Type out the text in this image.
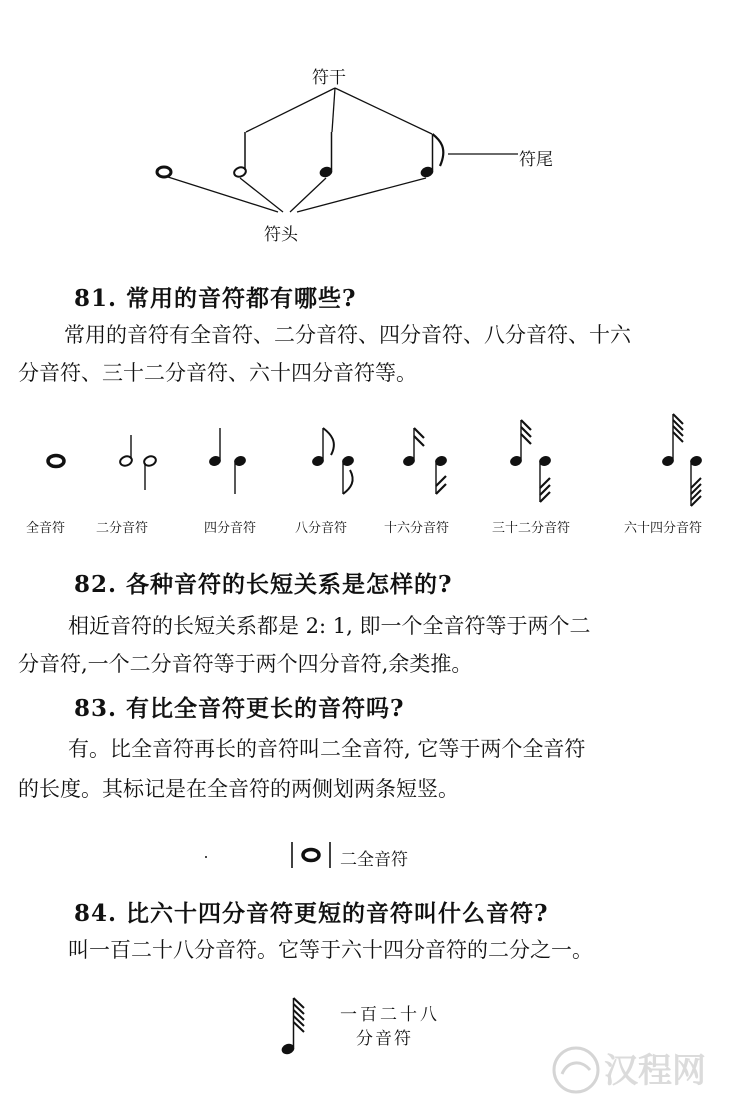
符干
符尾
符头
81. 常用的音符都有哪些?
常用的音符有全音符、二分音符、四分音符、八分音符、十六
分音符、三十二分音符、六十四分音符等。
全音符 二分音符	四分音符	八分音符	十六分音符	三十二分音符	六十四分音符
82. 各种音符的长短关系是怎样的?
相近音符的长短关系都是 2: 1, 即一个全音符等于两个二
分音符,一个二分音符等于两个四分音符,余类推。
83. 有比全音符更长的音符吗?
有。比全音符再长的音符叫二全音符, 它等于两个全音符
的长度。其标记是在全音符的两侧划两条短竖。
二全音符
84. 比六十四分音符更短的音符叫什么音符?
叫一百二十八分音符。它等于六十四分音符的二分之一。
一百二十八
分音符
汉程网
